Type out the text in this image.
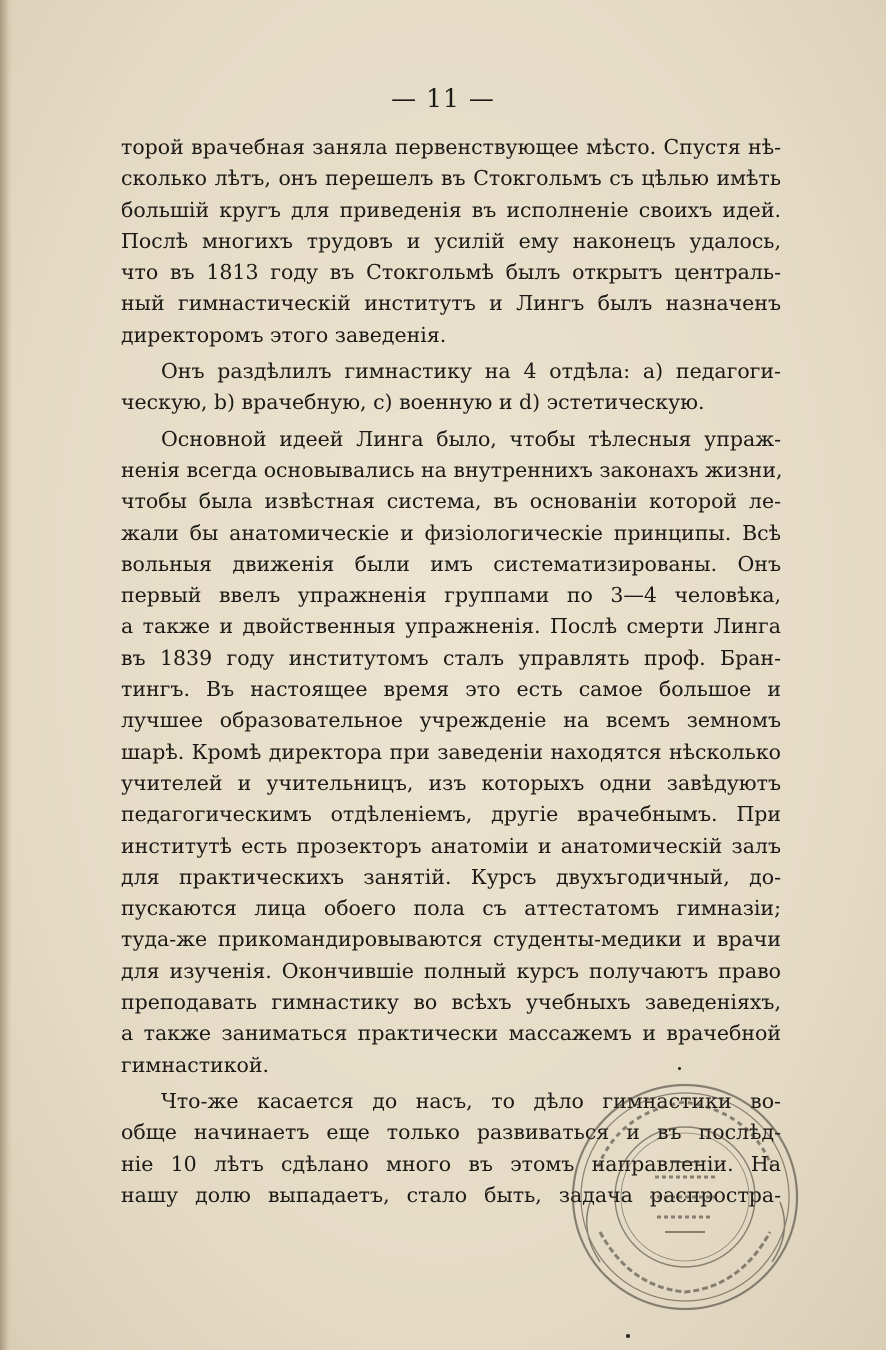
— 11 —
торой врачебная заняла первенствующее мѣсто. Спустя нѣ-
сколько лѣтъ, онъ перешелъ въ Стокгольмъ съ цѣлью имѣть
большій кругъ для приведенія въ исполненіе своихъ идей.
Послѣ многихъ трудовъ и усилій ему наконецъ удалось,
что въ 1813 году въ Стокгольмѣ былъ открытъ централь-
ный гимнастическій институтъ и Лингъ былъ назначенъ
директоромъ этого заведенія.
Онъ раздѣлилъ гимнастику на 4 отдѣла: a) педагоги-
ческую, b) врачебную, c) военную и d) эстетическую.
Основной идеей Линга было, чтобы тѣлесныя упраж-
ненія всегда основывались на внутреннихъ законахъ жизни,
чтобы была извѣстная система, въ основаніи которой ле-
жали бы анатомическіе и физіологическіе принципы. Всѣ
вольныя движенія были имъ систематизированы. Онъ
первый ввелъ упражненія группами по 3—4 человѣка,
а также и двойственныя упражненія. Послѣ смерти Линга
въ 1839 году институтомъ сталъ управлять проф. Бран-
тингъ. Въ настоящее время это есть самое большое и
лучшее образовательное учрежденіе на всемъ земномъ
шарѣ. Кромѣ директора при заведеніи находятся нѣсколько
учителей и учительницъ, изъ которыхъ одни завѣдуютъ
педагогическимъ отдѣленіемъ, другіе врачебнымъ. При
институтѣ есть прозекторъ анатоміи и анатомическій залъ
для практическихъ занятій. Курсъ двухъгодичный, до-
пускаются лица обоего пола съ аттестатомъ гимназіи;
туда-же прикомандировываются студенты-медики и врачи
для изученія. Окончившіе полный курсъ получаютъ право
преподавать гимнастику во всѣхъ учебныхъ заведеніяхъ,
а также заниматься практически массажемъ и врачебной
гимнастикой.
Что-же касается до насъ, то дѣло гимнастики во-
обще начинаетъ еще только развиваться и въ послѣд-
ніе 10 лѣтъ сдѣлано много въ этомъ направленіи. На
нашу долю выпадаетъ, стало быть, задача распростра-
